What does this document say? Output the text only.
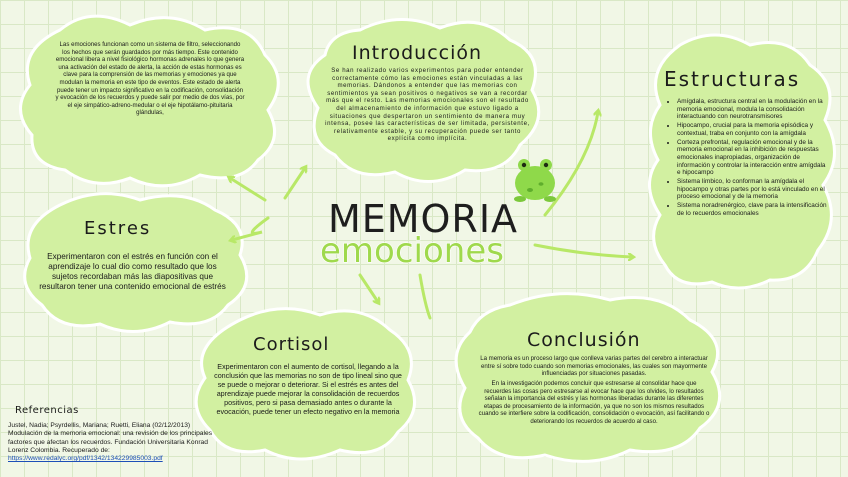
MEMORIA
emociones
Las emociones funcionan como un sistema de filtro, seleccionando los hechos que serán guardados por más tiempo. Este contenido emocional libera a nivel fisiológico hormonas adrenales lo que genera una activación del estado de alerta, la acción de estas hormonas es clave para la comprensión de las memorias y emociones ya que modulan la memoria en este tipo de eventos. Este estado de alerta puede tener un impacto significativo en la codificación, consolidación y evocación de los recuerdos y puede salir por medio de dos vías, por el eje simpático-adreno-medular o el eje hipotálamo-pituitaria glándulas,
Introducción
Se han realizado varios experimentos para poder entender correctamente cómo las emociones están vinculadas a las memorias. Dándonos a entender que las memorias con sentimientos ya sean positivos o negativos se van a recordar más que el resto. Las memorias emocionales son el resultado del almacenamiento de información que estuvo ligado a situaciones que despertaron un sentimiento de manera muy intensa, posee las características de ser limitada, persistente, relativamente estable, y su recuperación puede ser tanto explícita como implícita.
Estructuras
• Amígdala, estructura central en la modulación en la memoria emocional, modula la consolidación interactuando con neurotransmisores
• Hipocampo, crucial para la memoria episódica y contextual, traba en conjunto con la amígdala
• Corteza prefrontal, regulación emocional y de la memoria emocional en la inhibición de respuestas emocionales inapropiadas, organización de información y controlar la interacción entre amígdala e hipocampo
• Sistema límbico, lo conforman la amígdala el hipocampo y otras partes por lo está vinculado en el proceso emocional y de la memoria
• Sistema noradrenérgico, clave para la intensificación de lo recuerdos emocionales
Estres
Experimentaron con el estrés en función con el aprendizaje lo cual dio como resultado que los sujetos recordaban más las diapositivas que resultaron tener una contenido emocional de estrés
Cortisol
Experimentaron con el aumento de cortisol, llegando a la conclusión que las memorias no son de tipo lineal sino que se puede o mejorar o deteriorar. Si el estrés es antes del aprendizaje puede mejorar la consolidación de recuerdos positivos, pero si pasa demasiado antes o durante la evocación, puede tener un efecto negativo en la memoria
Conclusión
La memoria es un proceso largo que conlleva varias partes del cerebro a interactuar entre sí sobre todo cuando son memorias emocionales, las cuales son mayormente influenciadas por situaciones pasadas.
En la investigación podemos concluir que estresarse al consolidar hace que recuerdes las cosas pero estresarse al evocar hace que los olvides, lo resultados señalan la importancia del estrés y las hormonas liberadas durante las diferentes etapas de procesamiento de la información, ya que no son los mismos resultados cuando se interfiere sobre la codificación, consolidación o evocación, así facilitando o deteriorando los recuerdos de acuerdo al caso.
Referencias
Justel, Nadia; Psyrdellis, Mariana; Ruetti, Eliana (02/12/2013) Modulación de la memoria emocional: una revisión de los principales factores que afectan los recuerdos. Fundación Universitaria Konrad Lorenz Colombia. Recuperado de: https://www.redalyc.org/pdf/1342/134229985003.pdf
